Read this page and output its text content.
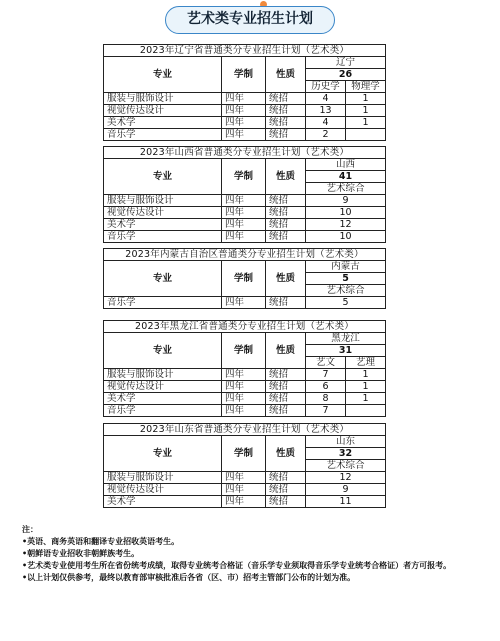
艺术类专业招生计划
2023年辽宁省普通类分专业招生计划（艺术类）				
专业	学制	性质	辽宁	
			26	
			历史学	物理学
服装与服饰设计	四年	统招	4	1
视觉传达设计	四年	统招	13	1
美术学	四年	统招	4	1
音乐学	四年	统招	2	
2023年山西省普通类分专业招生计划（艺术类）			
专业	学制	性质	山西
			41
			艺术综合
服装与服饰设计	四年	统招	9
视觉传达设计	四年	统招	10
美术学	四年	统招	12
音乐学	四年	统招	10
2023年内蒙古自治区普通类分专业招生计划（艺术类）			
专业	学制	性质	内蒙古
			5
			艺术综合
音乐学	四年	统招	5
2023年黑龙江省普通类分专业招生计划（艺术类）				
专业	学制	性质	黑龙江	
			31	
			艺文	艺理
服装与服饰设计	四年	统招	7	1
视觉传达设计	四年	统招	6	1
美术学	四年	统招	8	1
音乐学	四年	统招	7	
2023年山东省普通类分专业招生计划（艺术类）			
专业	学制	性质	山东
			32
			艺术综合
服装与服饰设计	四年	统招	12
视觉传达设计	四年	统招	9
美术学	四年	统招	11
注：
•英语、商务英语和翻译专业招收英语考生。
•朝鲜语专业招收非朝鲜族考生。
•艺术类专业使用考生所在省份统考成绩，取得专业统考合格证（音乐学专业须取得音乐学专业统考合格证）者方可报考。
•以上计划仅供参考，最终以教育部审核批准后各省（区、市）招考主管部门公布的计划为准。
